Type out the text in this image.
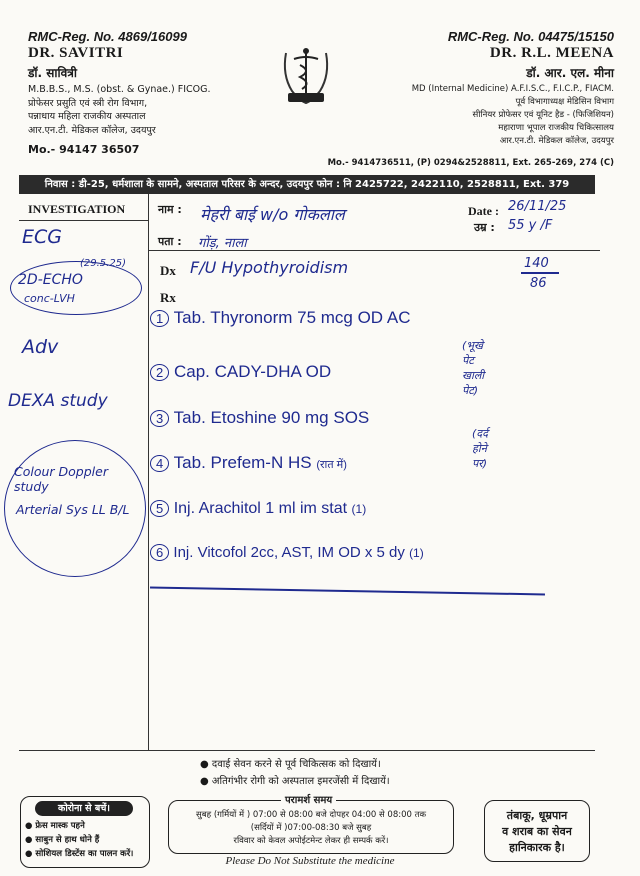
RMC-Reg. No. 4869/16099
DR. SAVITRI
डॉ. सावित्री
M.B.B.S., M.S. (obst. & Gynae.) FICOG.
प्रोफेसर प्रसुति एवं स्त्री रोग विभाग,
पन्नाधाय महिला राजकीय अस्पताल
आर.एन.टी. मेडिकल कॉलेज, उदयपुर
Mo.- 94147 36507
RMC-Reg. No. 04475/15150
DR. R.L. MEENA
डॉ. आर. एल. मीना
MD (Internal Medicine) A.F.I.S.C., F.I.C.P., FIACM.
पूर्व विभागाध्यक्ष मेडिसिन विभाग
सीनियर प्रोफेसर एवं यूनिट हैड - (फिजिशियन)
महाराणा भूपाल राजकीय चिकित्सालय
आर.एन.टी. मेडिकल कॉलेज, उदयपुर
Mo.- 9414736511, (P) 0294&2528811, Ext. 265-269, 274 (C)
निवास : डी-25, धर्मशाला के सामने, अस्पताल परिसर के अन्दर, उदयपुर फोन : नि 2425722, 2422110, 2528811, Ext. 379
INVESTIGATION	नाम :
पता :
Date :
उम्र :
Dx
Rx
मेहरी बाई w/o गोकलाल
गोंड़, नाला
26/11/25
55 y /F
ECG
(29.5.25)
2D-ECHO
conc-LVH
Adv
DEXA study
Colour Doppler study
Arterial Sys LL B/L
F/U Hypothyroidism	140
86
1 Tab. Thyronorm 75 mcg OD AC
(भूखे पेट खाली पेट)
2 Cap. CADY-DHA OD
3 Tab. Etoshine 90 mg SOS
(दर्द होने पर)
4 Tab. Prefem-N HS (रात में)
5 Inj. Arachitol 1 ml im stat (1)
6 Inj. Vitcofol 2cc, AST, IM OD x 5 dy (1)
● दवाई सेवन करने से पूर्व चिकित्सक को दिखायें।
● अतिगंभीर रोगी को अस्पताल इमरजेंसी में दिखायें।
कोरोना से बचें।
● फ्रेस मास्क पहने
● साबुन से हाथ धोने हैं
● सोशियल डिस्टेंस का पालन करें।
परामर्श समय
सुबह (गर्मियों में ) 07:00 से 08:00 बजे दोपहर 04:00 से 08:00 तक
(सर्दियों में )07:00-08:30 बजे सुबह
रविवार को केवल अपोईटमेन्ट लेकर ही सम्पर्क करें।
Please Do Not Substitute the medicine
तंबाकू, धूम्रपान
व शराब का सेवन
हानिकारक है।
